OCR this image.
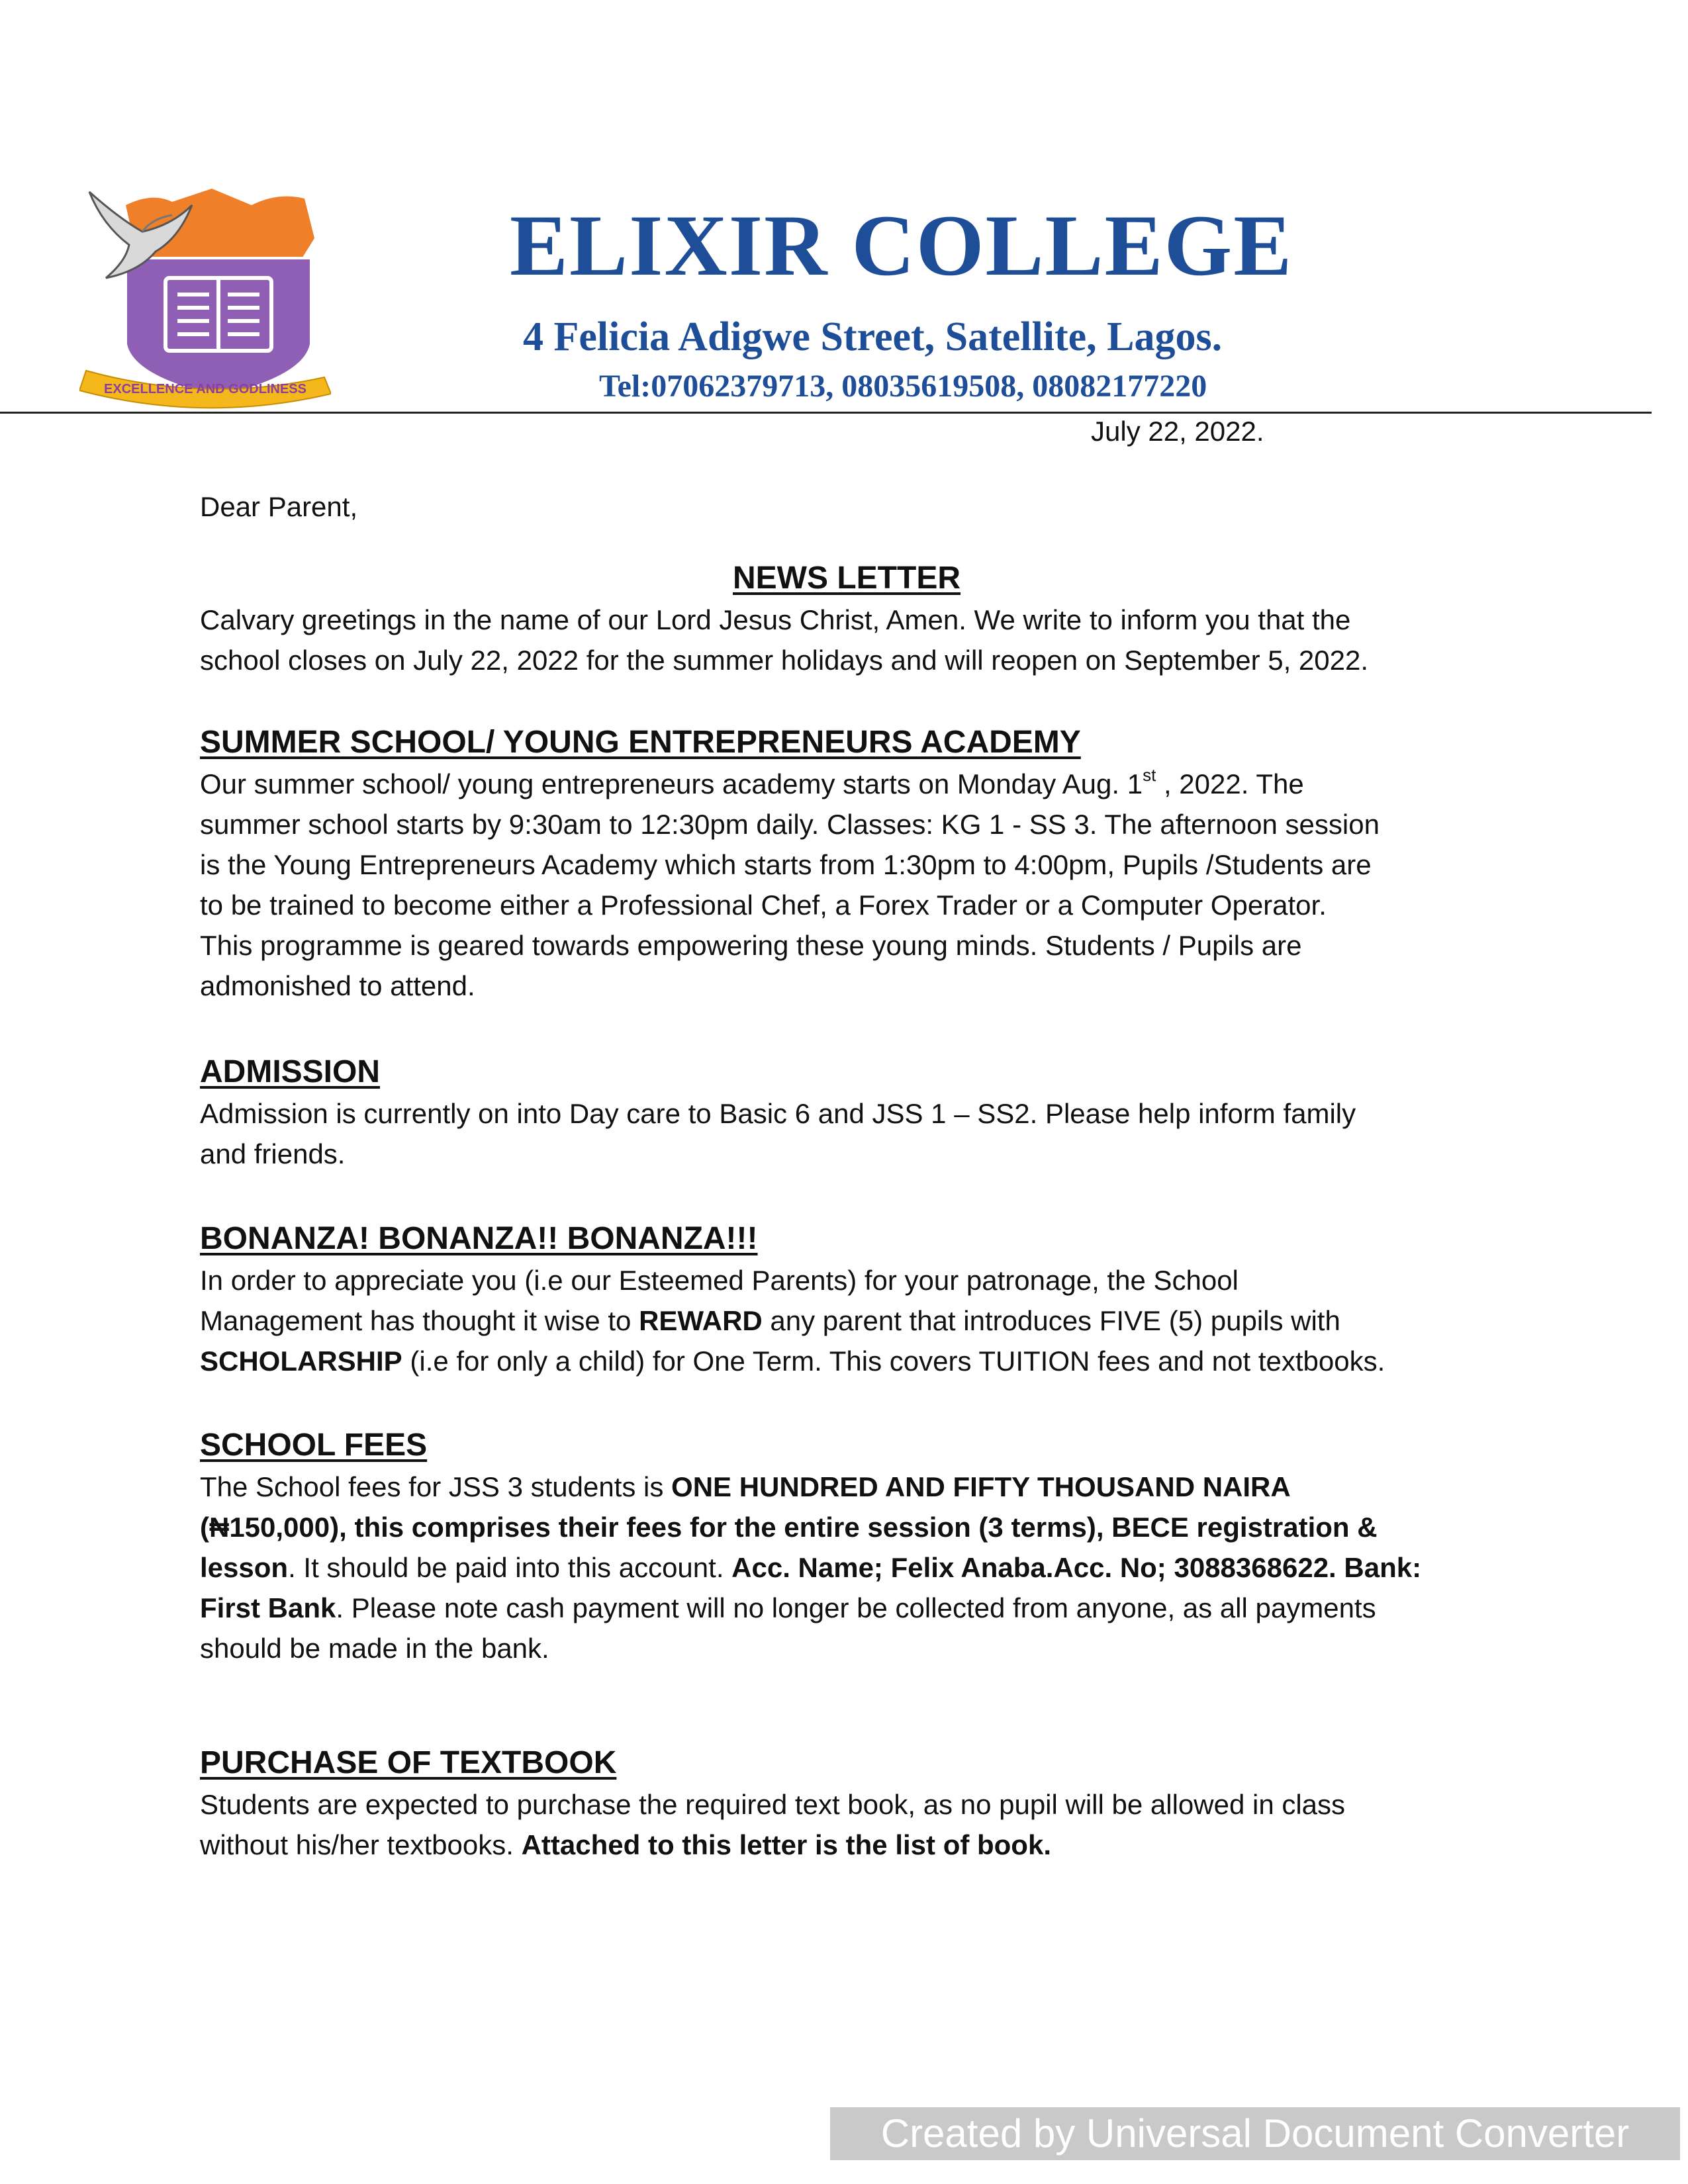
EXCELLENCE AND GODLINESS
ELIXIR COLLEGE
4 Felicia Adigwe Street, Satellite, Lagos.
Tel:07062379713, 08035619508, 08082177220
July 22, 2022.
Dear Parent,
NEWS LETTER
Calvary greetings in the name of our Lord Jesus Christ, Amen. We write to inform you that the
school closes on July 22, 2022 for the summer holidays and will reopen on September 5, 2022.
SUMMER SCHOOL/ YOUNG ENTREPRENEURS ACADEMY
Our summer school/ young entrepreneurs academy starts on Monday Aug. 1st , 2022. The
summer school starts by 9:30am to 12:30pm daily. Classes: KG 1 - SS 3. The afternoon session
is the Young Entrepreneurs Academy which starts from 1:30pm to 4:00pm, Pupils /Students are
to be trained to become either a Professional Chef, a Forex Trader or a Computer Operator.
This programme is geared towards empowering these young minds. Students / Pupils are
admonished to attend.
ADMISSION
Admission is currently on into Day care to Basic 6 and JSS 1 – SS2. Please help inform family
and friends.
BONANZA! BONANZA!! BONANZA!!!
In order to appreciate you (i.e our Esteemed Parents) for your patronage, the School
Management has thought it wise to REWARD any parent that introduces FIVE (5) pupils with
SCHOLARSHIP (i.e for only a child) for One Term. This covers TUITION fees and not textbooks.
SCHOOL FEES
The School fees for JSS 3 students is ONE HUNDRED AND FIFTY THOUSAND NAIRA
(₦150,000), this comprises their fees for the entire session (3 terms), BECE registration &
lesson. It should be paid into this account. Acc. Name; Felix Anaba.Acc. No; 3088368622. Bank:
First Bank. Please note cash payment will no longer be collected from anyone, as all payments
should be made in the bank.
PURCHASE OF TEXTBOOK
Students are expected to purchase the required text book, as no pupil will be allowed in class
without his/her textbooks. Attached to this letter is the list of book.
Created by Universal Document Converter
